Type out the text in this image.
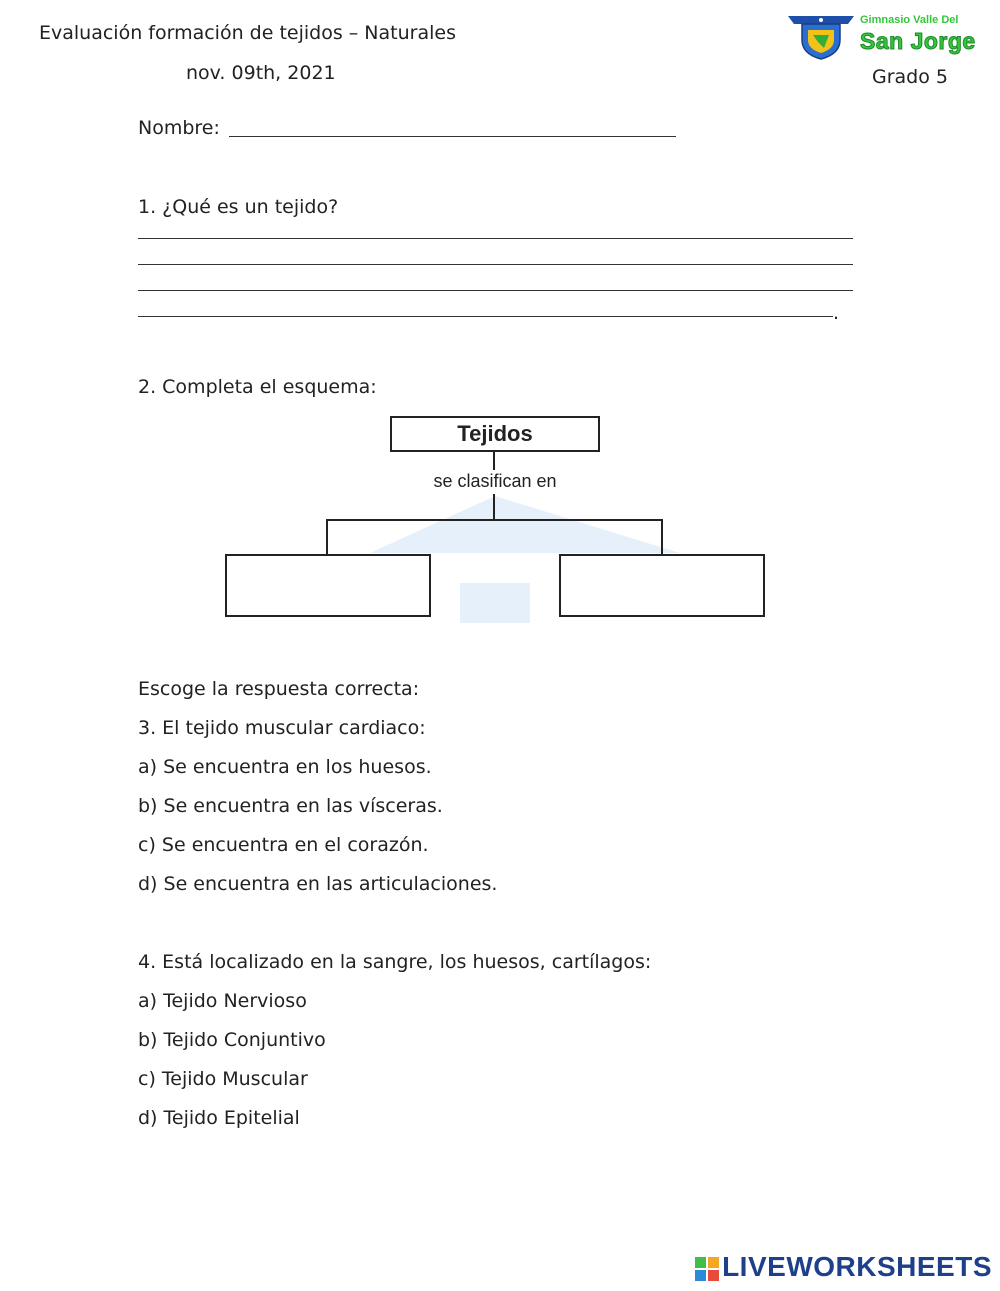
Evaluación formación de tejidos – Naturales
nov. 09th, 2021	Grado 5
Gimnasio Valle Del
San Jorge
Nombre:
1. ¿Qué es un tejido?
.
2. Completa el esquema:
Tejidos
se clasifican en
Escoge la respuesta correcta:
3. El tejido muscular cardiaco:
a) Se encuentra en los huesos.
b) Se encuentra en las vísceras.
c) Se encuentra en el corazón.
d) Se encuentra en las articulaciones.
4. Está localizado en la sangre, los huesos, cartílagos:
a) Tejido Nervioso
b) Tejido Conjuntivo
c) Tejido Muscular
d) Tejido Epitelial
LIVEWORKSHEETS
